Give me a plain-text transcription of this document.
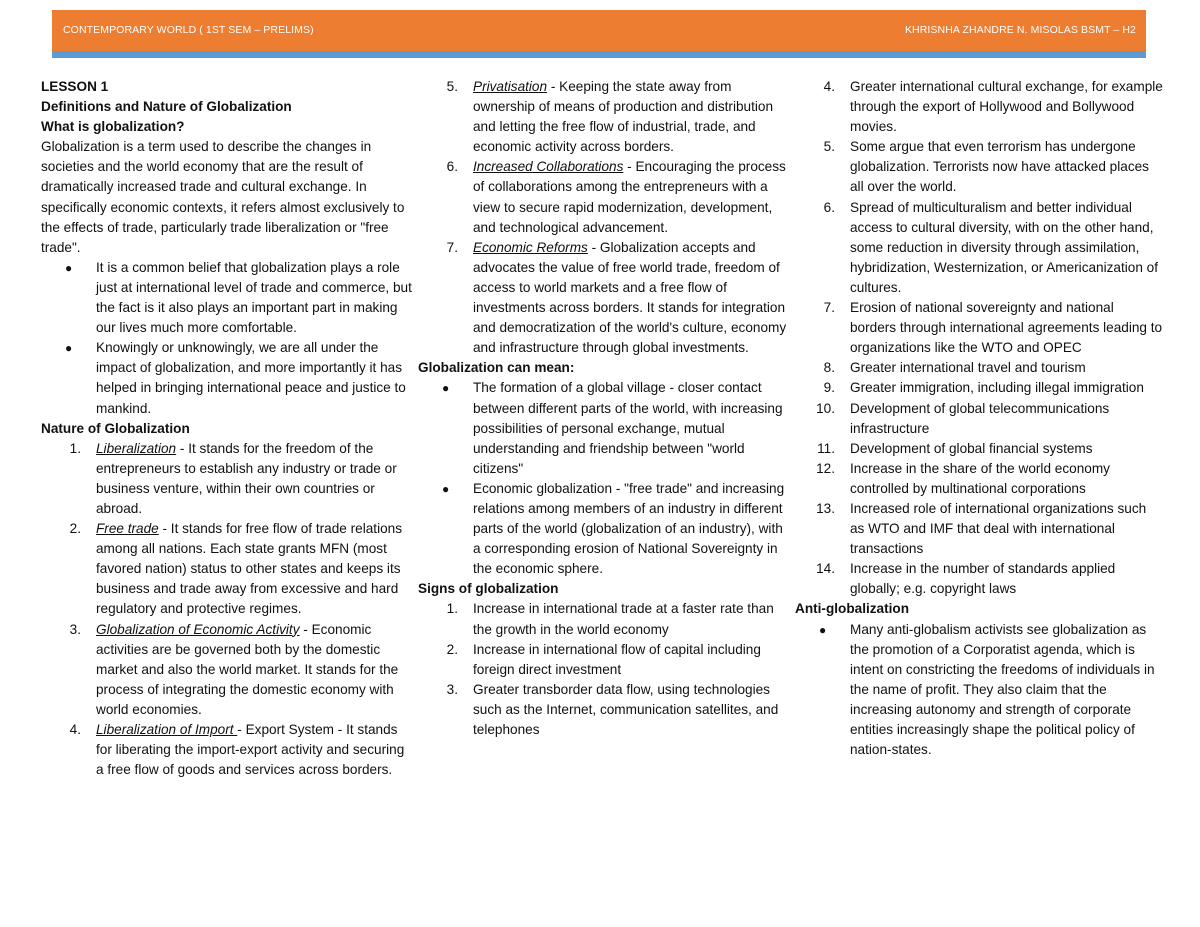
CONTEMPORARY WORLD ( 1ST SEM – PRELIMS)	KHRISNHA ZHANDRE N. MISOLAS BSMT – H2

LESSON 1

Definitions and Nature of Globalization

What is globalization?

Globalization is a term used to describe the changes in societies and the world economy that are the result of dramatically increased trade and cultural exchange. In specifically economic contexts, it refers almost exclusively to the effects of trade, particularly trade liberalization or "free trade".

● It is a common belief that globalization plays a role just at international level of trade and commerce, but the fact is it also plays an important part in making our lives much more comfortable.
● Knowingly or unknowingly, we are all under the impact of globalization, and more importantly it has helped in bringing international peace and justice to mankind.

Nature of Globalization

1. Liberalization - It stands for the freedom of the entrepreneurs to establish any industry or trade or business venture, within their own countries or abroad.
2. Free trade - It stands for free flow of trade relations among all nations. Each state grants MFN (most favored nation) status to other states and keeps its business and trade away from excessive and hard regulatory and protective regimes.
3. Globalization of Economic Activity - Economic activities are be governed both by the domestic market and also the world market. It stands for the process of integrating the domestic economy with world economies.
4. Liberalization of Import - Export System - It stands for liberating the import-export activity and securing a free flow of goods and services across borders.
5. Privatisation - Keeping the state away from ownership of means of production and distribution and letting the free flow of industrial, trade, and economic activity across borders.
6. Increased Collaborations - Encouraging the process of collaborations among the entrepreneurs with a view to secure rapid modernization, development, and technological advancement.
7. Economic Reforms - Globalization accepts and advocates the value of free world trade, freedom of access to world markets and a free flow of investments across borders. It stands for integration and democratization of the world's culture, economy and infrastructure through global investments.

Globalization can mean:

● The formation of a global village - closer contact between different parts of the world, with increasing possibilities of personal exchange, mutual understanding and friendship between "world citizens"
● Economic globalization - "free trade" and increasing relations among members of an industry in different parts of the world (globalization of an industry), with a corresponding erosion of National Sovereignty in the economic sphere.

Signs of globalization

1. Increase in international trade at a faster rate than the growth in the world economy
2. Increase in international flow of capital including foreign direct investment
3. Greater transborder data flow, using technologies such as the Internet, communication satellites, and telephones
4. Greater international cultural exchange, for example through the export of Hollywood and Bollywood movies.
5. Some argue that even terrorism has undergone globalization. Terrorists now have attacked places all over the world.
6. Spread of multiculturalism and better individual access to cultural diversity, with on the other hand, some reduction in diversity through assimilation, hybridization, Westernization, or Americanization of cultures.
7. Erosion of national sovereignty and national borders through international agreements leading to organizations like the WTO and OPEC
8. Greater international travel and tourism
9. Greater immigration, including illegal immigration
10. Development of global telecommunications infrastructure
11. Development of global financial systems
12. Increase in the share of the world economy controlled by multinational corporations
13. Increased role of international organizations such as WTO and IMF that deal with international transactions
14. Increase in the number of standards applied globally; e.g. copyright laws

Anti-globalization

● Many anti-globalism activists see globalization as the promotion of a Corporatist agenda, which is intent on constricting the freedoms of individuals in the name of profit. They also claim that the increasing autonomy and strength of corporate entities increasingly shape the political policy of nation-states.
